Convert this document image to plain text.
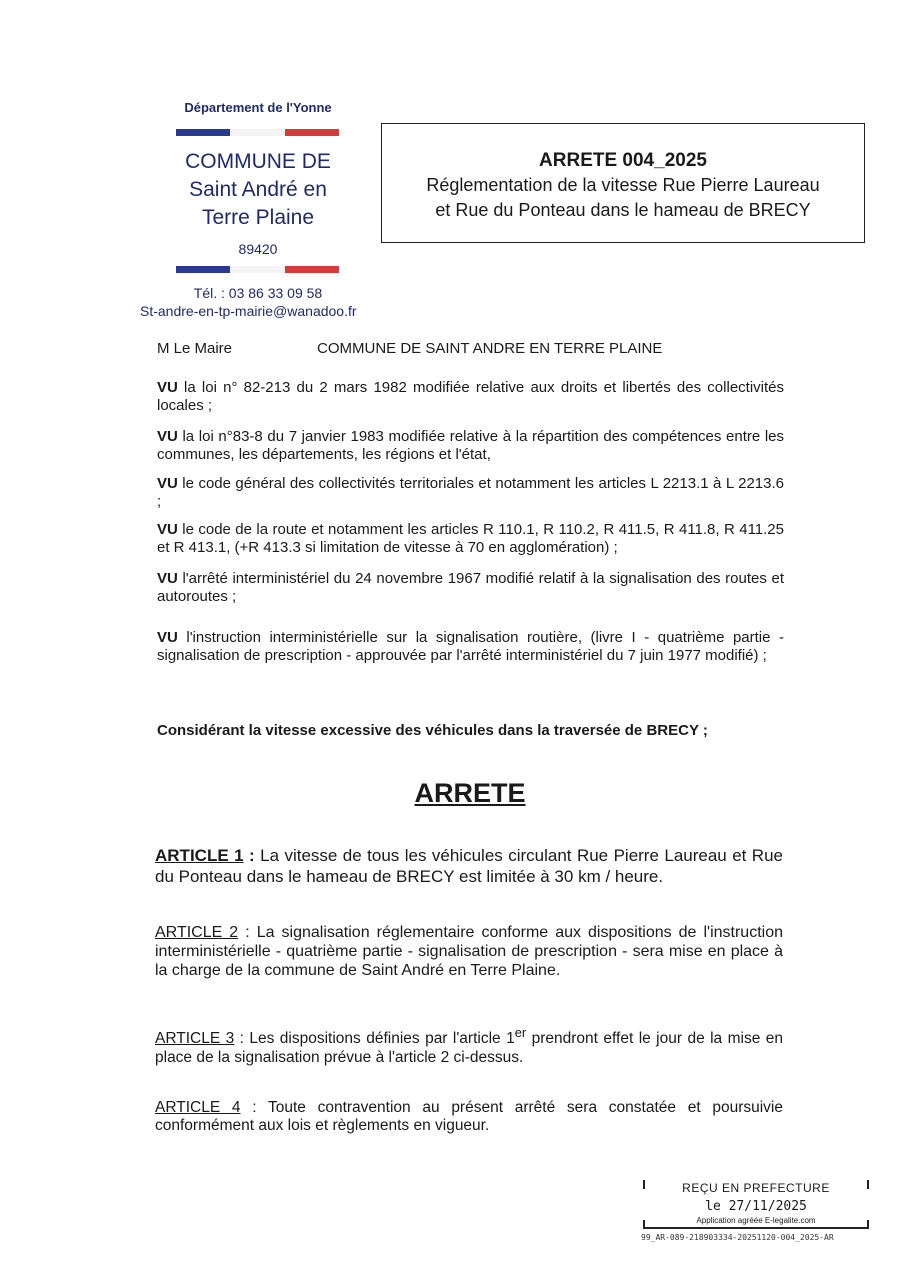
Département de l'Yonne
COMMUNE DE
Saint André en
Terre Plaine
89420
Tél. : 03 86 33 09 58
St-andre-en-tp-mairie@wanadoo.fr
ARRETE 004_2025
Réglementation de la vitesse Rue Pierre Laureau
et Rue du Ponteau dans le hameau de BRECY
M Le Maire	COMMUNE DE SAINT ANDRE EN TERRE PLAINE
VU la loi n° 82-213 du 2 mars 1982 modifiée relative aux droits et libertés des collectivités locales ;
VU la loi n°83-8 du 7 janvier 1983 modifiée relative à la répartition des compétences entre les communes, les départements, les régions et l'état,
VU le code général des collectivités territoriales et notamment les articles L 2213.1 à L 2213.6 ;
VU le code de la route et notamment les articles R 110.1, R 110.2, R 411.5, R 411.8, R 411.25 et R 413.1, (+R 413.3 si limitation de vitesse à 70 en agglomération) ;
VU l'arrêté interministériel du 24 novembre 1967 modifié relatif à la signalisation des routes et autoroutes ;
VU l'instruction interministérielle sur la signalisation routière, (livre I - quatrième partie - signalisation de prescription - approuvée par l'arrêté interministériel du 7 juin 1977 modifié) ;
Considérant la vitesse excessive des véhicules dans la traversée de BRECY ;
ARRETE
ARTICLE 1 : La vitesse de tous les véhicules circulant Rue Pierre Laureau et Rue du Ponteau dans le hameau de BRECY est limitée à 30 km / heure.
ARTICLE 2 : La signalisation réglementaire conforme aux dispositions de l'instruction interministérielle - quatrième partie - signalisation de prescription - sera mise en place à la charge de la commune de Saint André en Terre Plaine.
ARTICLE 3 : Les dispositions définies par l'article 1er prendront effet le jour de la mise en place de la signalisation prévue à l'article 2 ci-dessus.
ARTICLE 4 : Toute contravention au présent arrêté sera constatée et poursuivie conformément aux lois et règlements en vigueur.
REÇU EN PREFECTURE
le 27/11/2025
Application agréée E-legalite.com
99_AR-089-218903334-20251120-004_2025-AR
